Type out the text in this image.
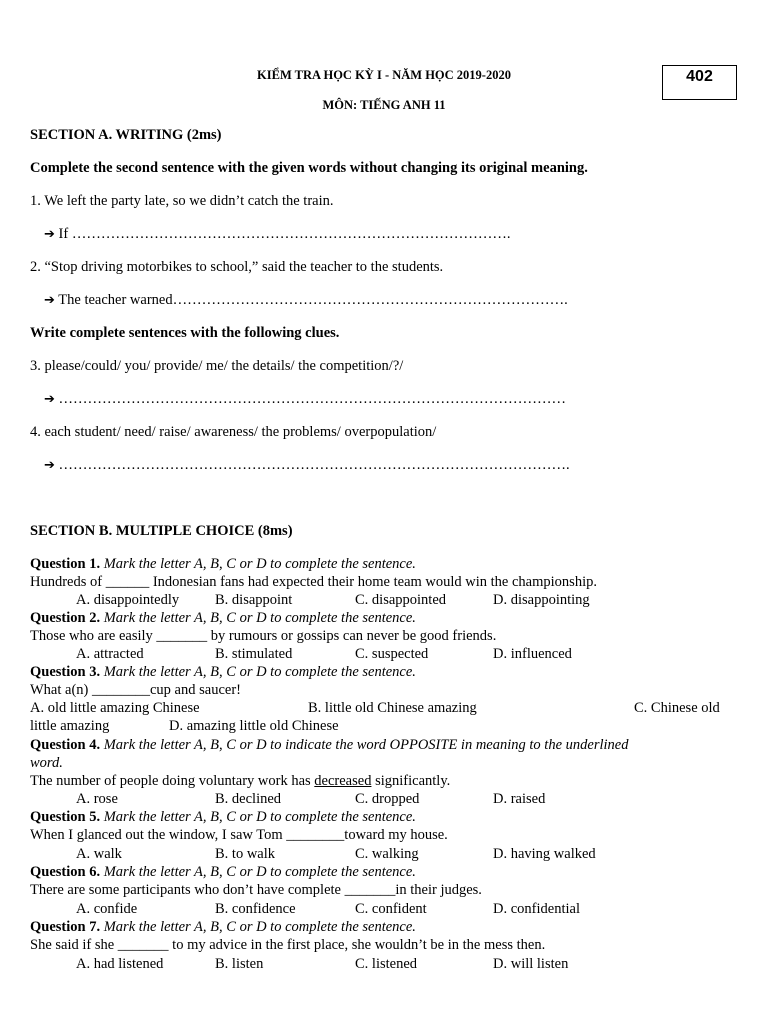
KIỂM TRA HỌC KỲ I - NĂM HỌC 2019-2020
MÔN: TIẾNG ANH 11
402
SECTION A. WRITING (2ms)
Complete the second sentence with the given words without changing its original meaning.
1. We left the party late, so we didn’t catch the train.
➔ If ……………………………………………………………………………….
2. “Stop driving motorbikes to school,” said the teacher to the students.
➔ The teacher warned……………………………………………………………………….
Write complete sentences with the following clues.
3. please/could/ you/ provide/ me/ the details/ the competition/?/
➔ ……………………………………………………………………………………………
4. each student/ need/ raise/ awareness/ the problems/ overpopulation/
➔ …………………………………………………………………………………………….
SECTION B. MULTIPLE CHOICE (8ms)
Question 1. Mark the letter A, B, C or D to complete the sentence.
Hundreds of ______ Indonesian fans had expected their home team would win the championship.
A. disappointedly B. disappoint	C. disappointed	D. disappointing
Question 2. Mark the letter A, B, C or D to complete the sentence.
Those who are easily _______ by rumours or gossips can never be good friends.
A. attracted	B. stimulated	C. suspected	D. influenced
Question 3. Mark the letter A, B, C or D to complete the sentence.
What a(n) ________cup and saucer!
A. old little amazing Chinese	B. little old Chinese amazing	C. Chinese old
little amazing	D. amazing little old Chinese
Question 4. Mark the letter A, B, C or D to indicate the word OPPOSITE in meaning to the underlined
word.
The number of people doing voluntary work has decreased significantly.
A. rose	B. declined	C. dropped	D. raised
Question 5. Mark the letter A, B, C or D to complete the sentence.
When I glanced out the window, I saw Tom ________toward my house.
A. walk	B. to walk	C. walking	D. having walked
Question 6. Mark the letter A, B, C or D to complete the sentence.
There are some participants who don’t have complete _______in their judges.
A. confide	B. confidence	C. confident	D. confidential
Question 7. Mark the letter A, B, C or D to complete the sentence.
She said if she _______ to my advice in the first place, she wouldn’t be in the mess then.
A. had listened	B. listen	C. listened	D. will listen
